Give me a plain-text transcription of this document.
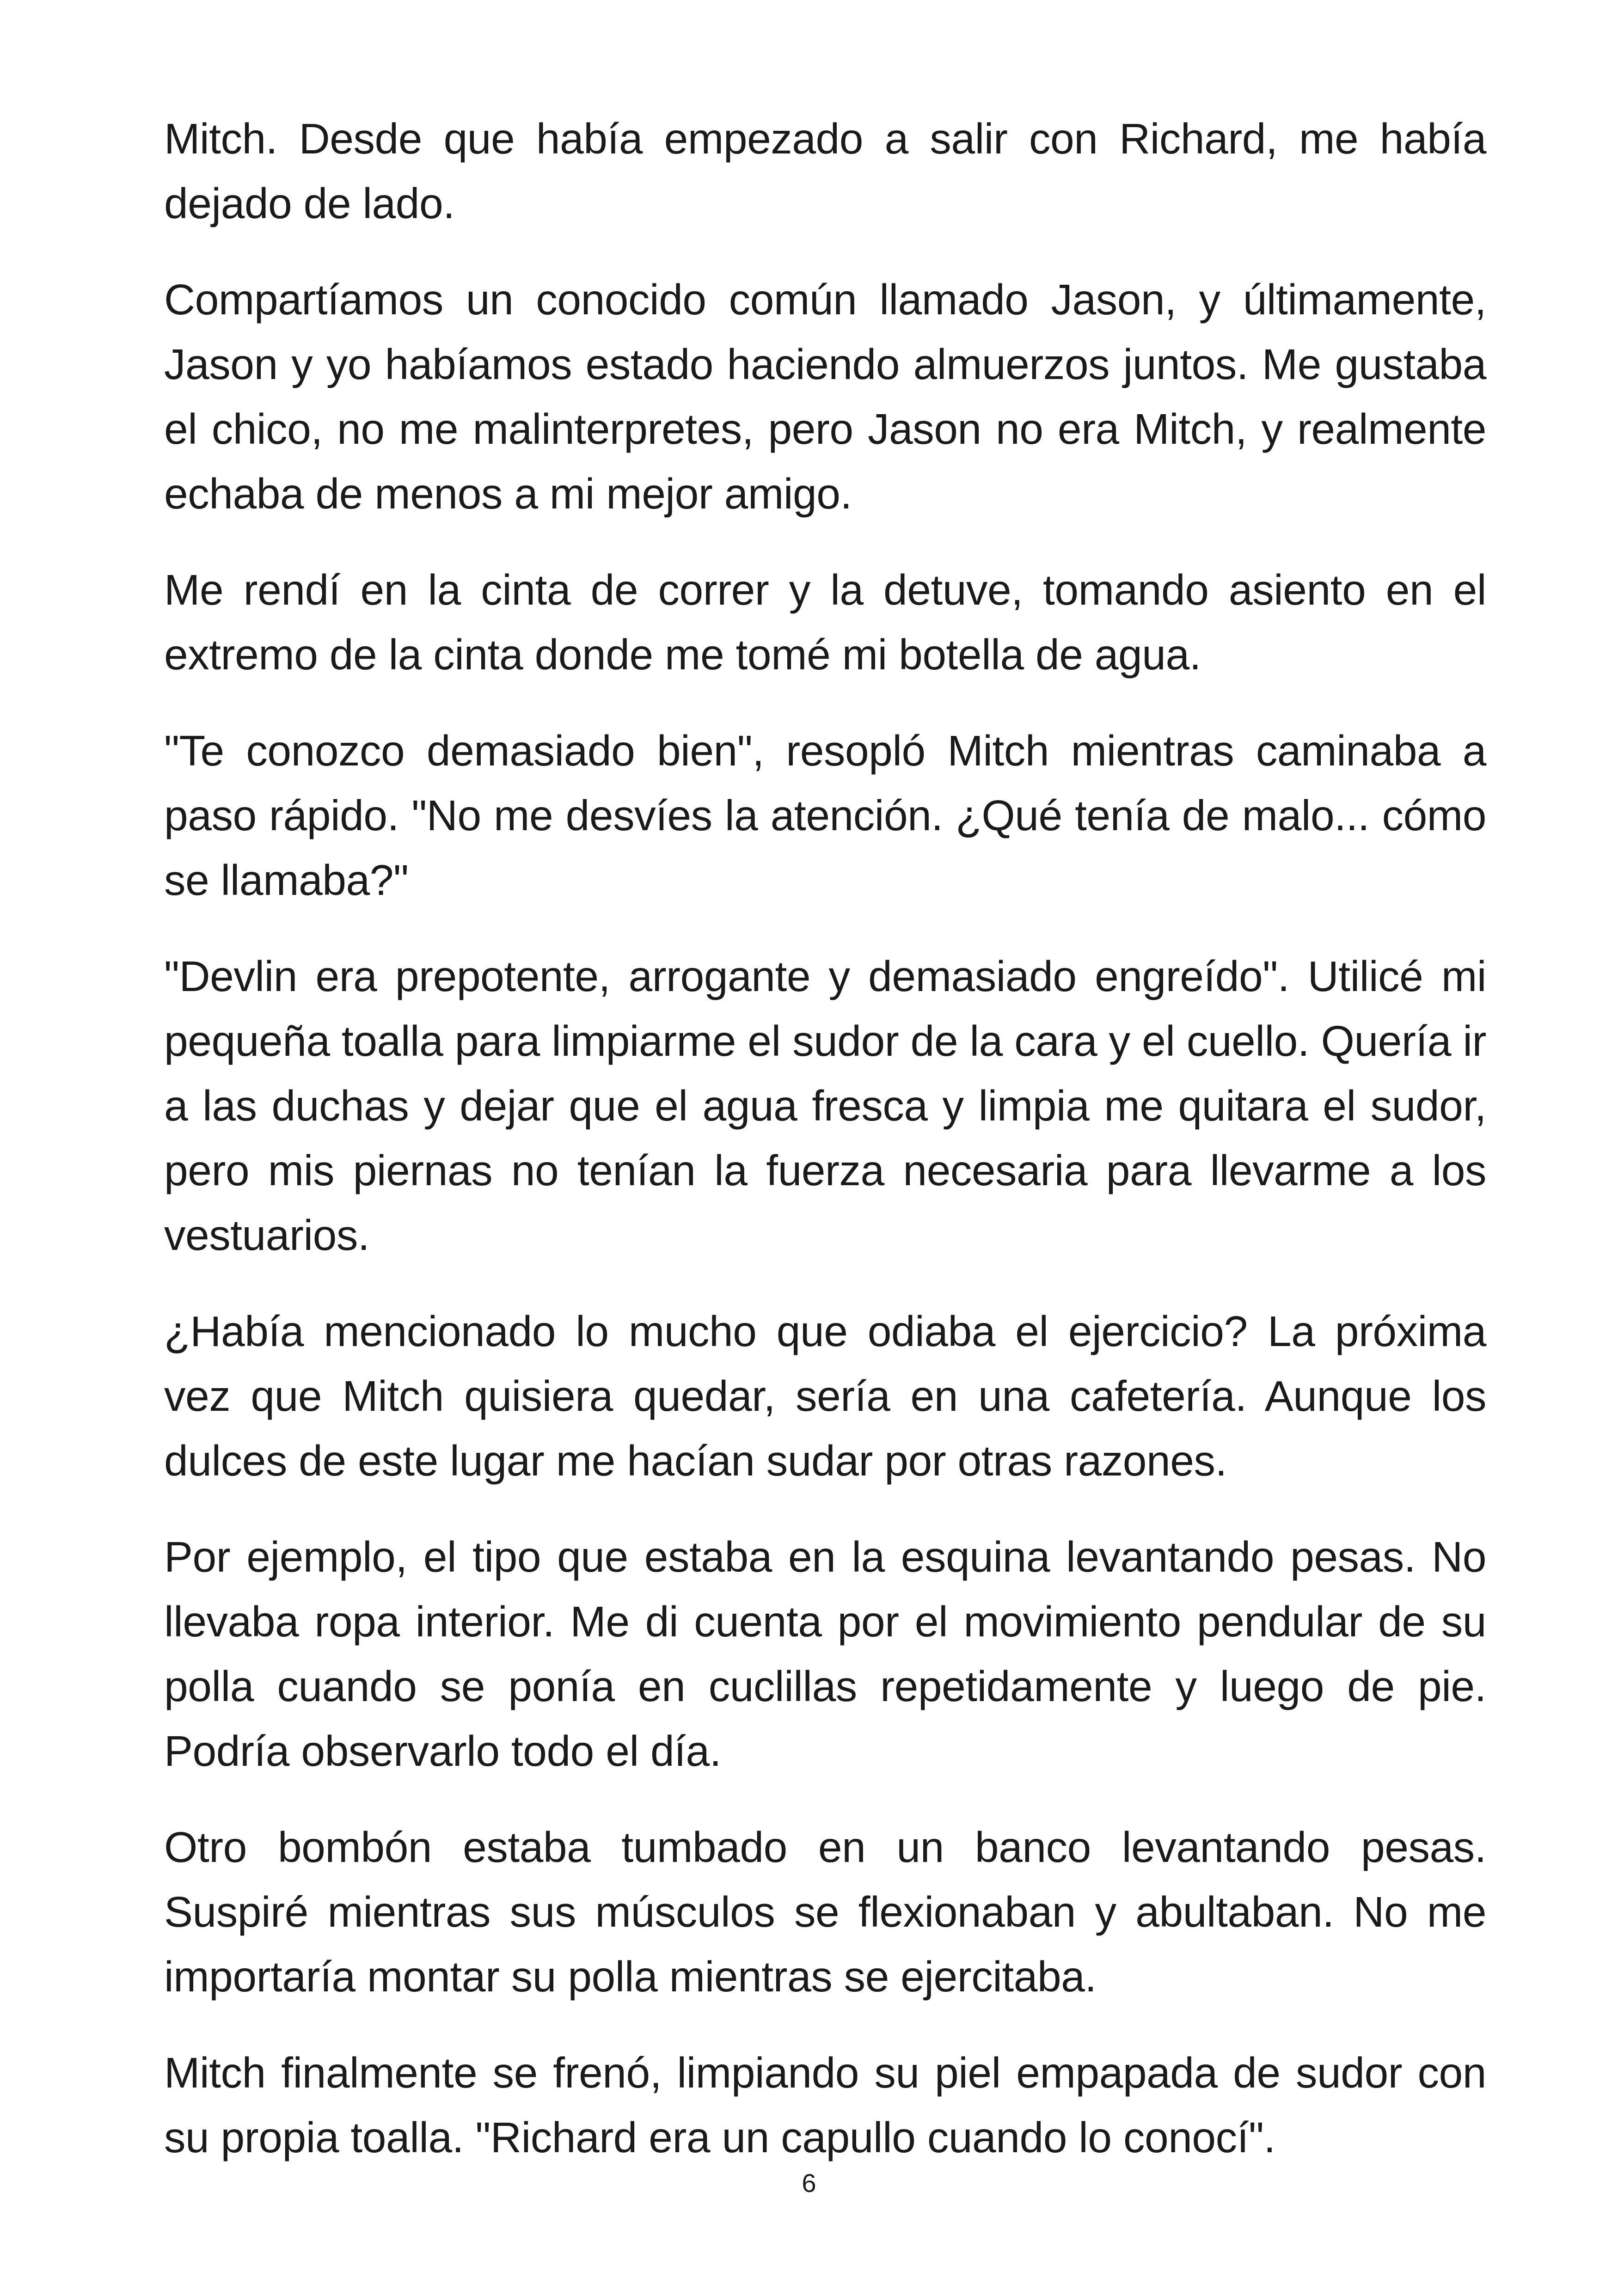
Mitch. Desde que había empezado a salir con Richard, me había dejado de lado.

Compartíamos un conocido común llamado Jason, y últimamente, Jason y yo habíamos estado haciendo almuerzos juntos. Me gustaba el chico, no me malinterpretes, pero Jason no era Mitch, y realmente echaba de menos a mi mejor amigo.

Me rendí en la cinta de correr y la detuve, tomando asiento en el extremo de la cinta donde me tomé mi botella de agua.

"Te conozco demasiado bien", resopló Mitch mientras caminaba a paso rápido. "No me desvíes la atención. ¿Qué tenía de malo... cómo se llamaba?"

"Devlin era prepotente, arrogante y demasiado engreído". Utilicé mi pequeña toalla para limpiarme el sudor de la cara y el cuello. Quería ir a las duchas y dejar que el agua fresca y limpia me quitara el sudor, pero mis piernas no tenían la fuerza necesaria para llevarme a los vestuarios.

¿Había mencionado lo mucho que odiaba el ejercicio? La próxima vez que Mitch quisiera quedar, sería en una cafetería. Aunque los dulces de este lugar me hacían sudar por otras razones.

Por ejemplo, el tipo que estaba en la esquina levantando pesas. No llevaba ropa interior. Me di cuenta por el movimiento pendular de su polla cuando se ponía en cuclillas repetidamente y luego de pie. Podría observarlo todo el día.

Otro bombón estaba tumbado en un banco levantando pesas. Suspiré mientras sus músculos se flexionaban y abultaban. No me importaría montar su polla mientras se ejercitaba.

Mitch finalmente se frenó, limpiando su piel empapada de sudor con su propia toalla. "Richard era un capullo cuando lo conocí".

6
